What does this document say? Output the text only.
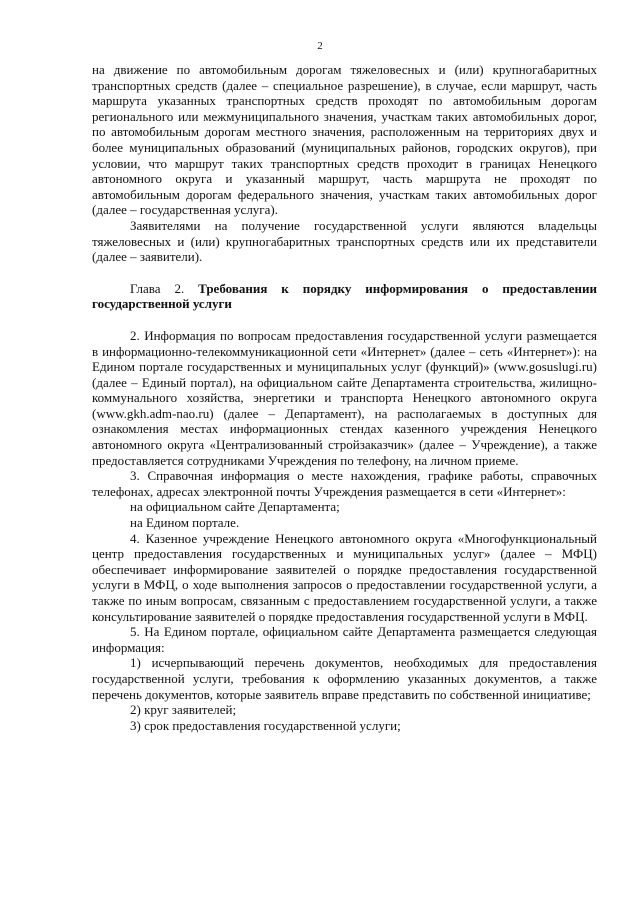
2

на движение по автомобильным дорогам тяжеловесных и (или) крупногабаритных транспортных средств (далее – специальное разрешение), в случае, если маршрут, часть маршрута указанных транспортных средств проходят по автомобильным дорогам регионального или межмуниципального значения, участкам таких автомобильных дорог, по автомобильным дорогам местного значения, расположенным на территориях двух и более муниципальных образований (муниципальных районов, городских округов), при условии, что маршрут таких транспортных средств проходит в границах Ненецкого автономного округа и указанный маршрут, часть маршрута не проходят по автомобильным дорогам федерального значения, участкам таких автомобильных дорог (далее – государственная услуга).

Заявителями на получение государственной услуги являются владельцы тяжеловесных и (или) крупногабаритных транспортных средств или их представители (далее – заявители).

Глава 2. Требования к порядку информирования о предоставлении государственной услуги

2. Информация по вопросам предоставления государственной услуги размещается в информационно-телекоммуникационной сети «Интернет» (далее – сеть «Интернет»): на Едином портале государственных и муниципальных услуг (функций)» (www.gosuslugi.ru) (далее – Единый портал), на официальном сайте Департамента строительства, жилищно-коммунального хозяйства, энергетики и транспорта Ненецкого автономного округа (www.gkh.adm-nao.ru) (далее – Департамент), на располагаемых в доступных для ознакомления местах информационных стендах казенного учреждения Ненецкого автономного округа «Централизованный стройзаказчик» (далее – Учреждение), а также предоставляется сотрудниками Учреждения по телефону, на личном приеме.

3. Справочная информация о месте нахождения, графике работы, справочных телефонах, адресах электронной почты Учреждения размещается в сети «Интернет»:

на официальном сайте Департамента;

на Едином портале.

4. Казенное учреждение Ненецкого автономного округа «Многофункциональный центр предоставления государственных и муниципальных услуг» (далее – МФЦ) обеспечивает информирование заявителей о порядке предоставления государственной услуги в МФЦ, о ходе выполнения запросов о предоставлении государственной услуги, а также по иным вопросам, связанным с предоставлением государственной услуги, а также консультирование заявителей о порядке предоставления государственной услуги в МФЦ.

5. На Едином портале, официальном сайте Департамента размещается следующая информация:

1) исчерпывающий перечень документов, необходимых для предоставления государственной услуги, требования к оформлению указанных документов, а также перечень документов, которые заявитель вправе представить по собственной инициативе;

2) круг заявителей;

3) срок предоставления государственной услуги;
